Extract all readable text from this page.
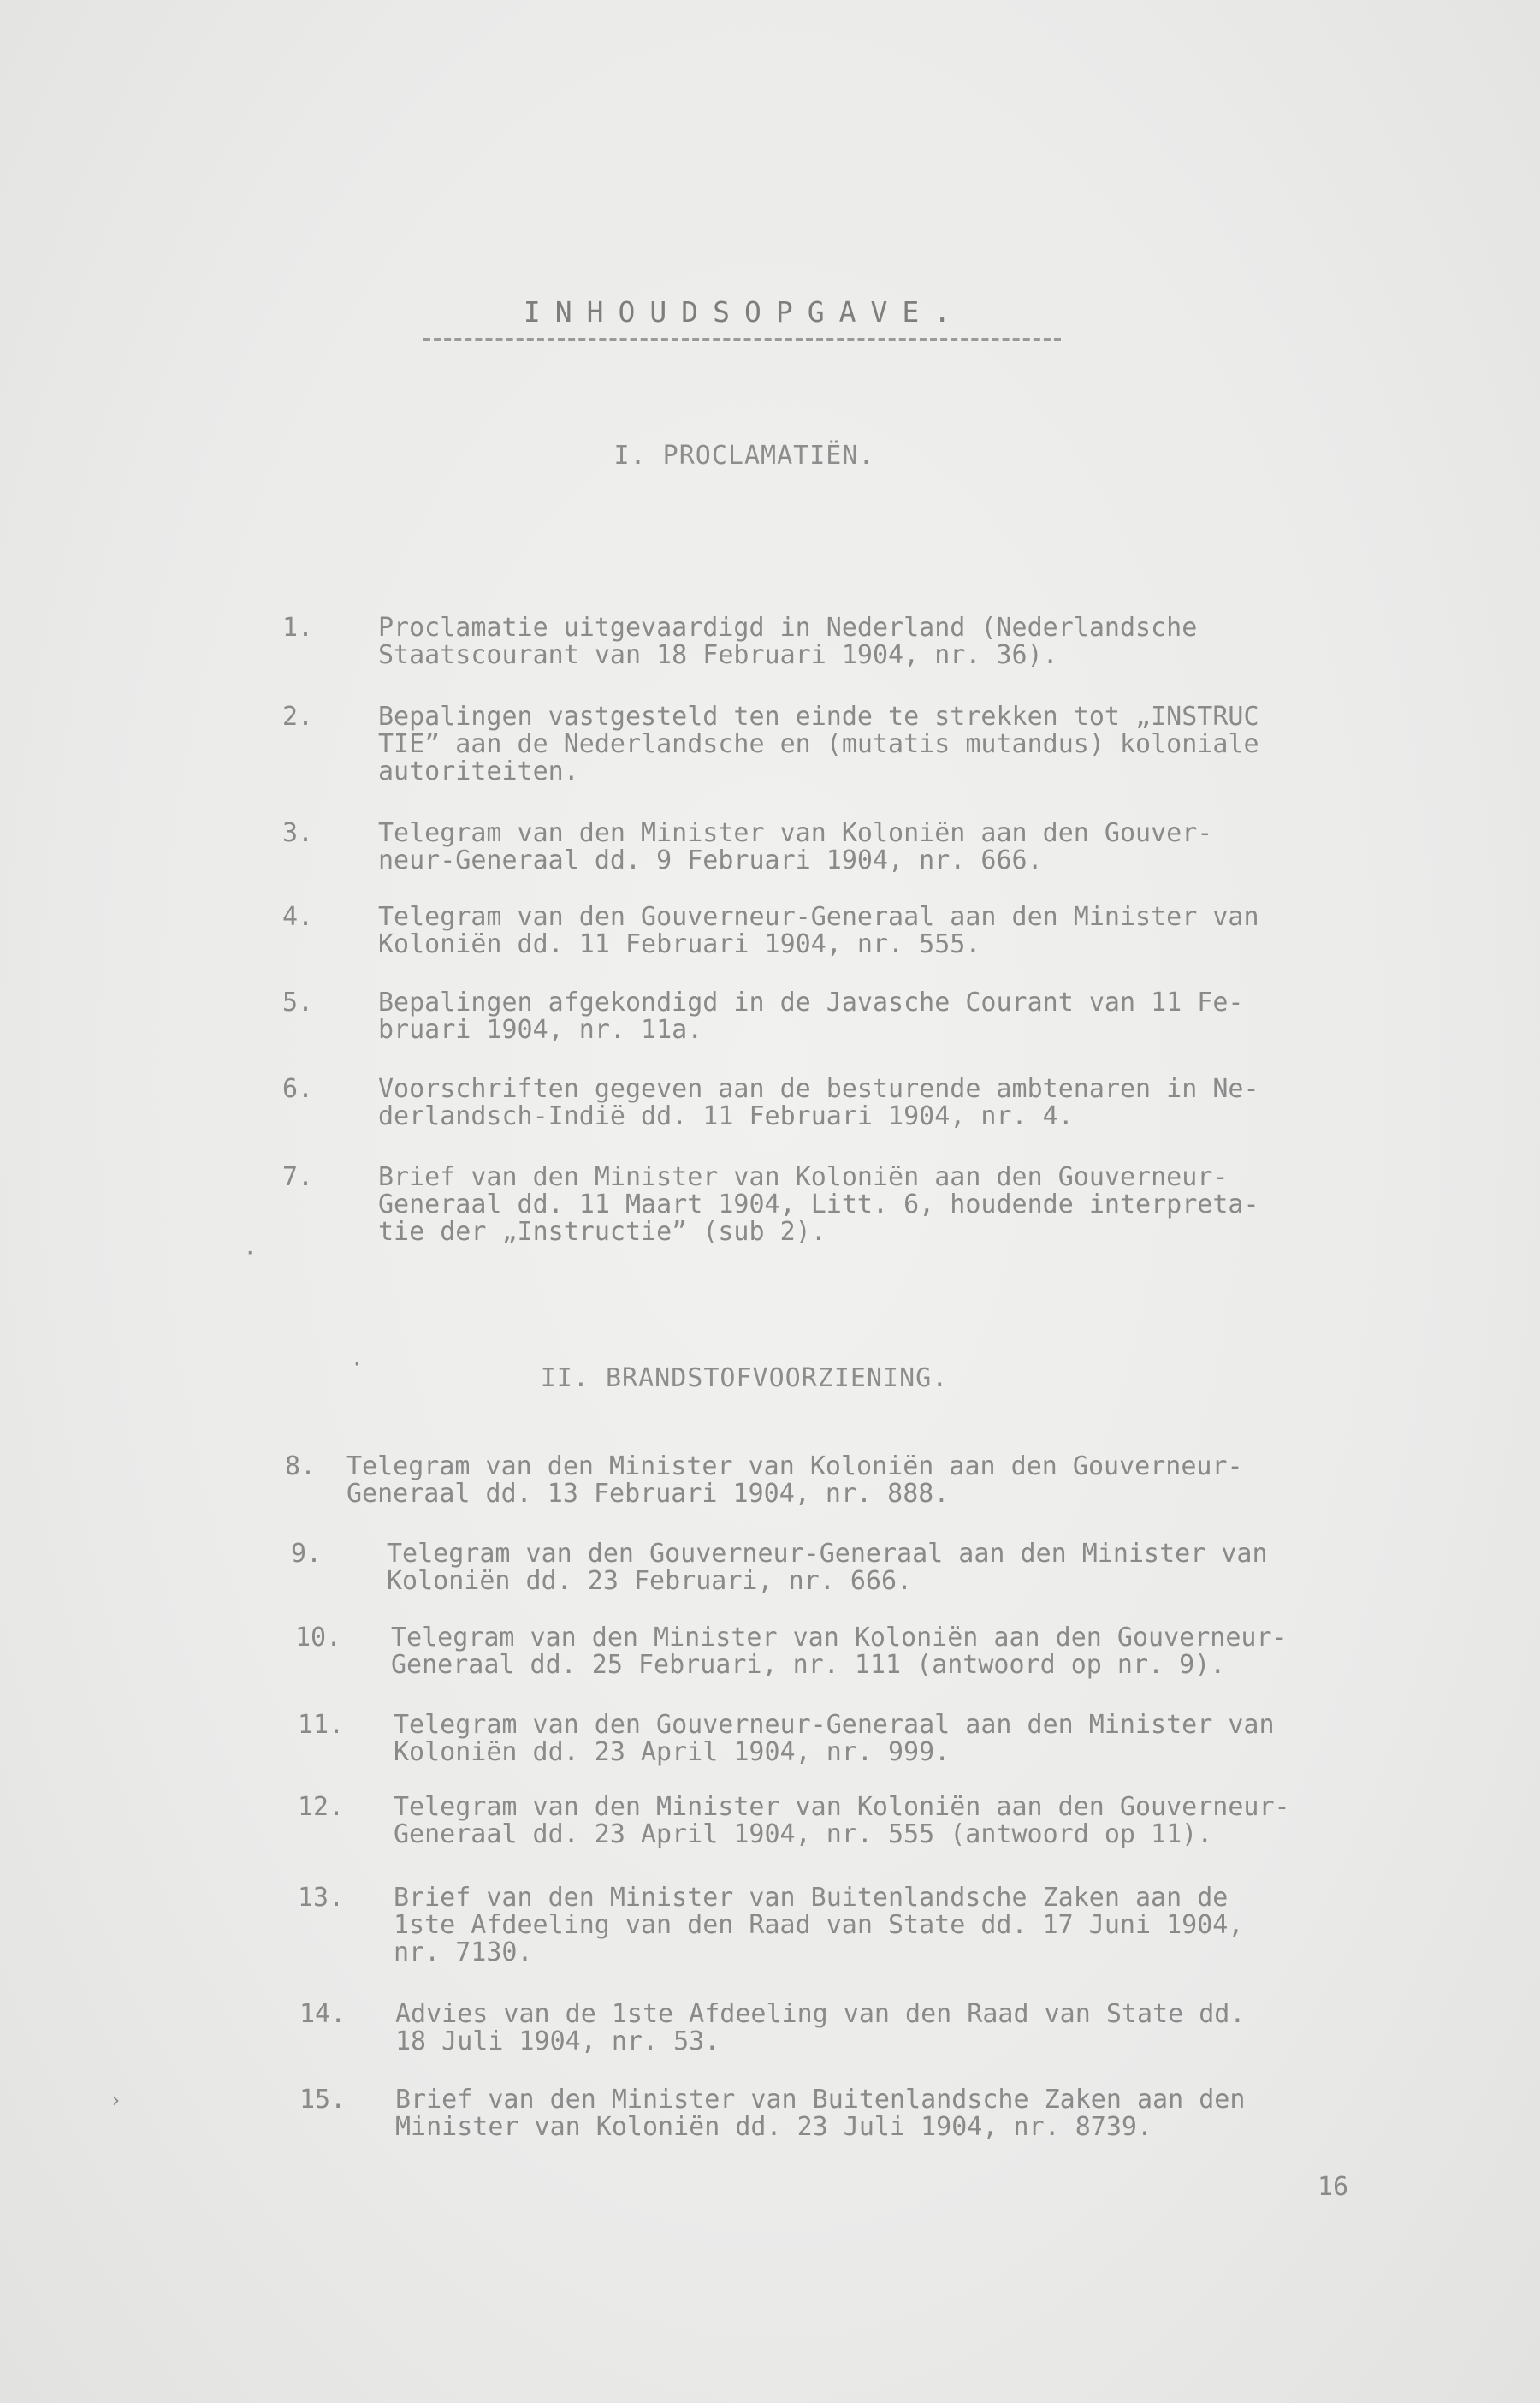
INHOUDSOPGAVE.
I. PROCLAMATIËN.
1.	Proclamatie uitgevaardigd in Nederland (Nederlandsche
Staatscourant van 18 Februari 1904, nr. 36).
2.	Bepalingen vastgesteld ten einde te strekken tot „INSTRUC
TIE” aan de Nederlandsche en (mutatis mutandus) koloniale
autoriteiten.
3.	Telegram van den Minister van Koloniën aan den Gouver-
neur-Generaal dd. 9 Februari 1904, nr. 666.
4.	Telegram van den Gouverneur-Generaal aan den Minister van
Koloniën dd. 11 Februari 1904, nr. 555.
5.	Bepalingen afgekondigd in de Javasche Courant van 11 Fe-
bruari 1904, nr. 11a.
6.	Voorschriften gegeven aan de besturende ambtenaren in Ne-
derlandsch-Indië dd. 11 Februari 1904, nr. 4.
7.	Brief van den Minister van Koloniën aan den Gouverneur-
Generaal dd. 11 Maart 1904, Litt. 6, houdende interpreta-
tie der „Instructie” (sub 2).
II. BRANDSTOFVOORZIENING.
8.	Telegram van den Minister van Koloniën aan den Gouverneur-
Generaal dd. 13 Februari 1904, nr. 888.
9.	Telegram van den Gouverneur-Generaal aan den Minister van
Koloniën dd. 23 Februari, nr. 666.
10.	Telegram van den Minister van Koloniën aan den Gouverneur-
Generaal dd. 25 Februari, nr. 111 (antwoord op nr. 9).
11.	Telegram van den Gouverneur-Generaal aan den Minister van
Koloniën dd. 23 April 1904, nr. 999.
12.	Telegram van den Minister van Koloniën aan den Gouverneur-
Generaal dd. 23 April 1904, nr. 555 (antwoord op 11).
13.	Brief van den Minister van Buitenlandsche Zaken aan de
1ste Afdeeling van den Raad van State dd. 17 Juni 1904,
nr. 7130.
14.	Advies van de 1ste Afdeeling van den Raad van State dd.
18 Juli 1904, nr. 53.
15.	Brief van den Minister van Buitenlandsche Zaken aan den
Minister van Koloniën dd. 23 Juli 1904, nr. 8739.
16
·
·
›
